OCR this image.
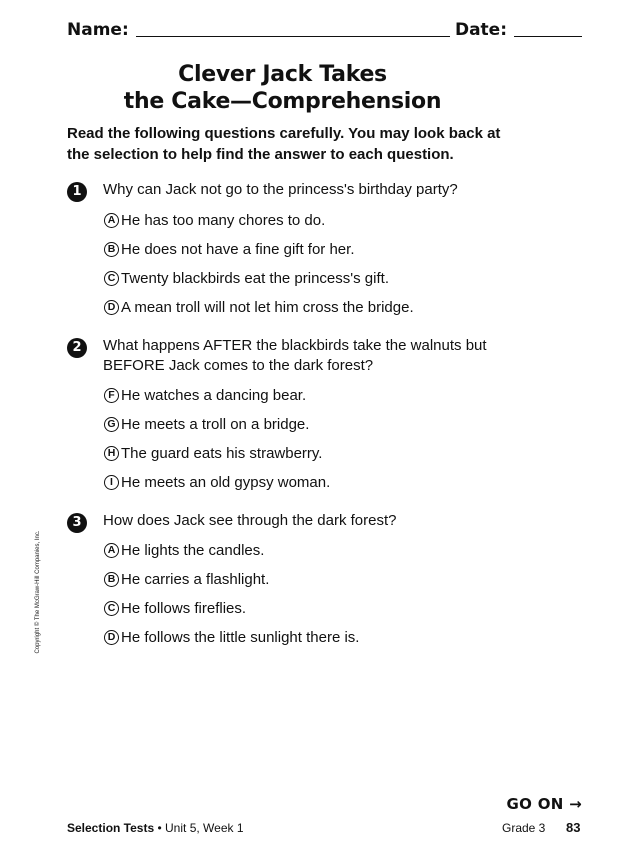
Name:	Date:
Clever Jack Takes
the Cake—Comprehension
Read the following questions carefully. You may look back at the selection to help find the answer to each question.
1	Why can Jack not go to the princess's birthday party?
A He has too many chores to do.
B He does not have a fine gift for her.
C Twenty blackbirds eat the princess's gift.
D A mean troll will not let him cross the bridge.
2	What happens AFTER the blackbirds take the walnuts but BEFORE Jack comes to the dark forest?
F He watches a dancing bear.
G He meets a troll on a bridge.
H The guard eats his strawberry.
I He meets an old gypsy woman.
3	How does Jack see through the dark forest?
A He lights the candles.
B He carries a flashlight.
C He follows fireflies.
D He follows the little sunlight there is.
Copyright © The McGraw-Hill Companies, Inc.
GO ON →
Selection Tests • Unit 5, Week 1	Grade 3 83
